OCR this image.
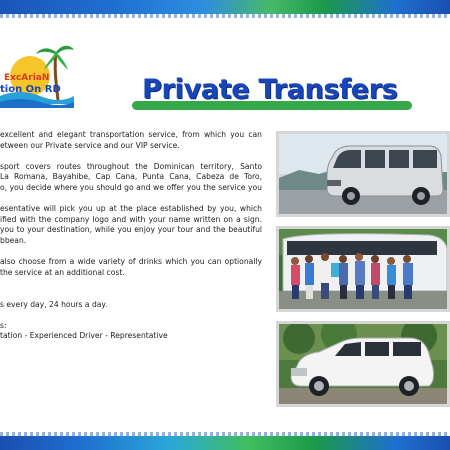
ExcAriaN
tion On RD	Private Transfers

excellent and elegant transportation service, from which you can
etween our Private service and our VIP service.

sport covers routes throughout the Dominican territory, Santo
La Romana, Bayahibe, Cap Cana, Punta Cana, Cabeza de Toro,
o, you decide where you should go and we offer you the service you

esentative will pick you up at the place established by you, which
ified with the company logo and with your name written on a sign.
you to your destination, while you enjoy your tour and the beautiful
bbean.

also choose from a wide variety of drinks which you can optionally
the service at an additional cost.

s every day, 24 hours a day.

s:
tation - Experienced Driver - Representative
